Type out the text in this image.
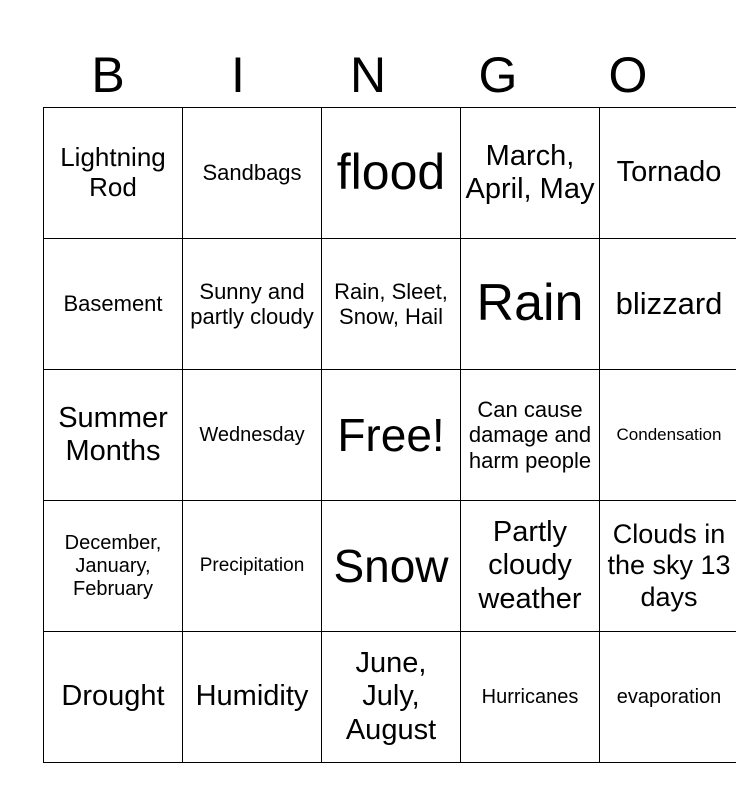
B	I	N	G	O
Lightning Rod	Sandbags	flood	March, April, May	Tornado
Basement	Sunny and partly cloudy	Rain, Sleet, Snow, Hail	Rain	blizzard
Summer Months	Wednesday	Free!	Can cause damage and harm people	Condensation
December, January, February	Precipitation	Snow	Partly cloudy weather	Clouds in the sky 13 days
Drought	Humidity	June, July, August	Hurricanes	evaporation
